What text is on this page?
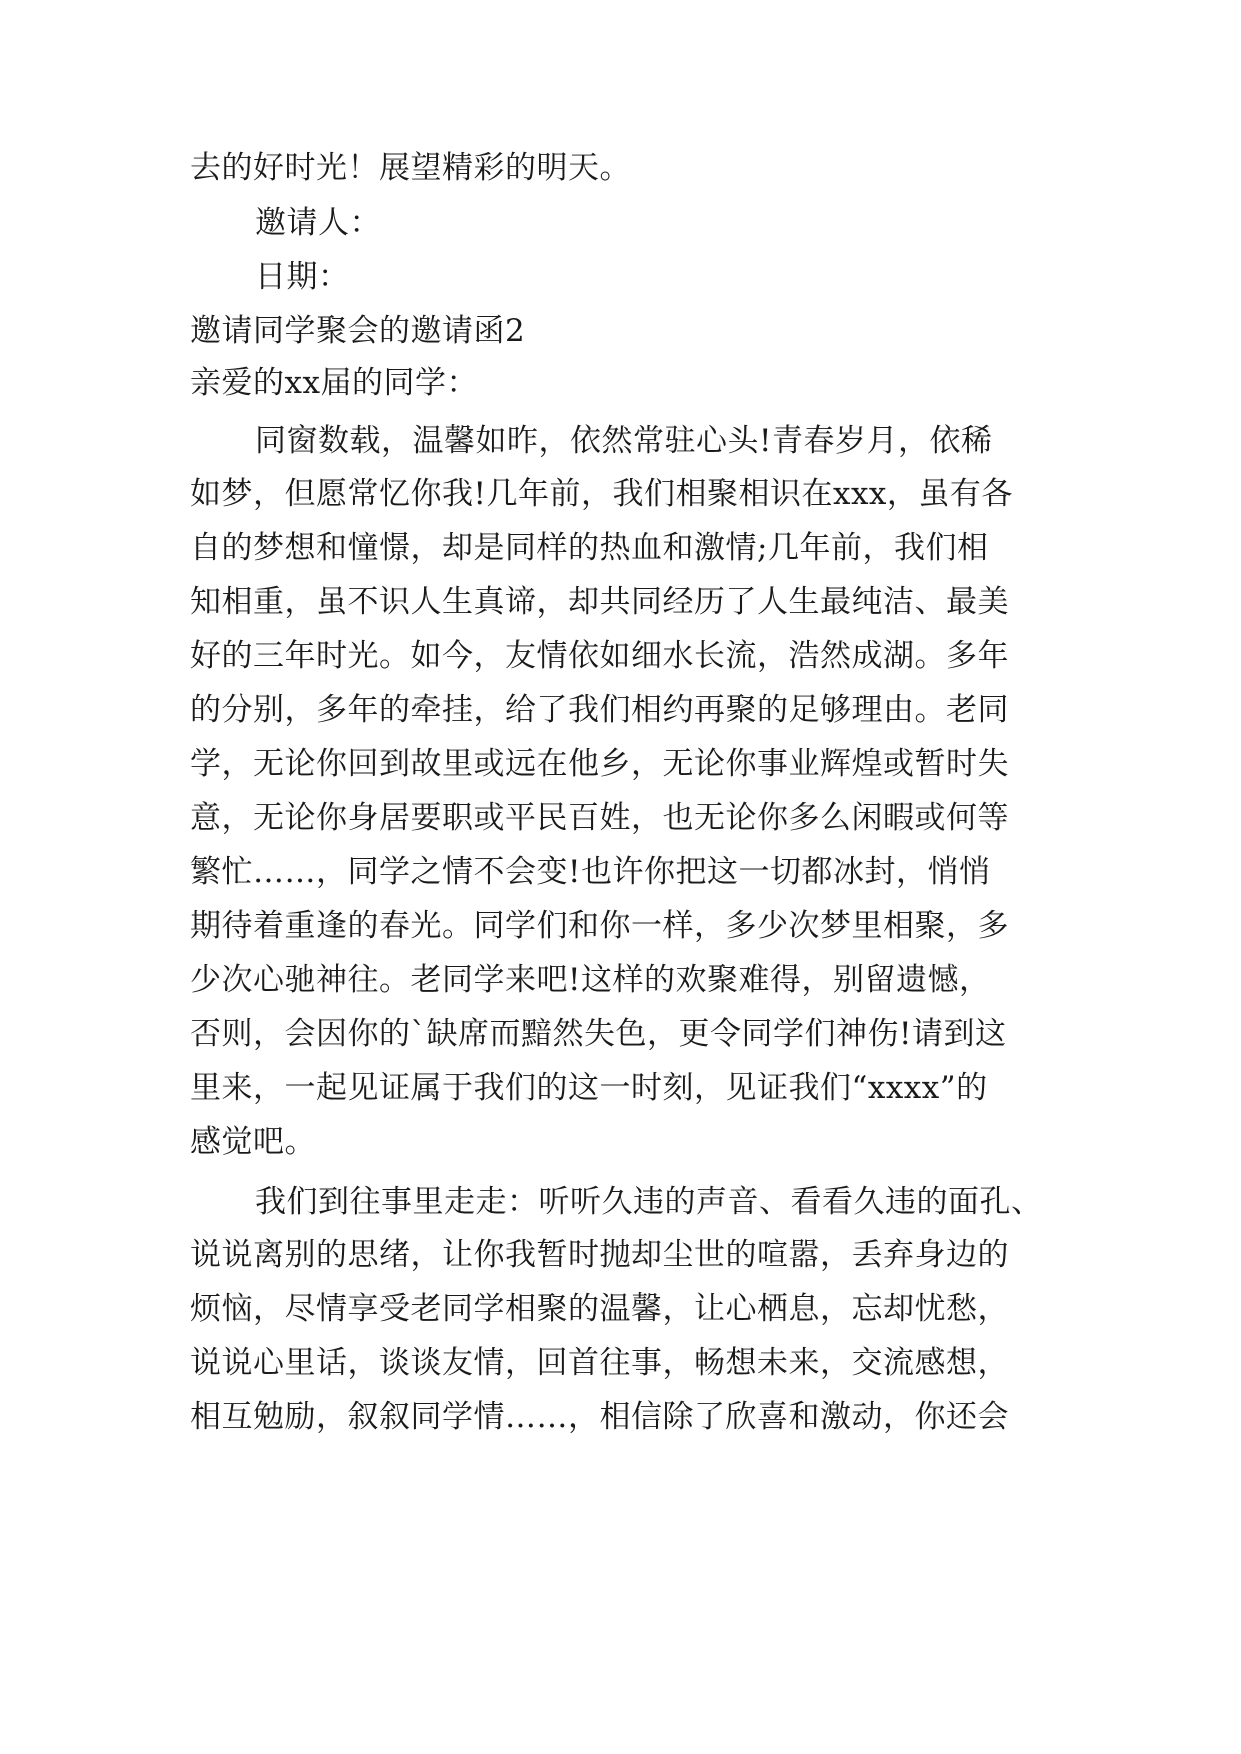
去的好时光！展望精彩的明天。
邀请人：
日期：
邀请同学聚会的邀请函2
亲爱的xx届的同学：
同窗数载，温馨如昨，依然常驻心头!青春岁月，依稀
如梦，但愿常忆你我!几年前，我们相聚相识在xxx，虽有各
自的梦想和憧憬，却是同样的热血和激情;几年前，我们相
知相重，虽不识人生真谛，却共同经历了人生最纯洁、最美
好的三年时光。如今，友情依如细水长流，浩然成湖。多年
的分别，多年的牵挂，给了我们相约再聚的足够理由。老同
学，无论你回到故里或远在他乡，无论你事业辉煌或暂时失
意，无论你身居要职或平民百姓，也无论你多么闲暇或何等
繁忙……，同学之情不会变!也许你把这一切都冰封，悄悄
期待着重逢的春光。同学们和你一样，多少次梦里相聚，多
少次心驰神往。老同学来吧!这样的欢聚难得，别留遗憾，
否则，会因你的`缺席而黯然失色，更令同学们神伤!请到这
里来，一起见证属于我们的这一时刻，见证我们“xxxx”的
感觉吧。
我们到往事里走走：听听久违的声音、看看久违的面孔、
说说离别的思绪，让你我暂时抛却尘世的喧嚣，丢弃身边的
烦恼，尽情享受老同学相聚的温馨，让心栖息，忘却忧愁，
说说心里话，谈谈友情，回首往事，畅想未来，交流感想，
相互勉励，叙叙同学情……，相信除了欣喜和激动，你还会
